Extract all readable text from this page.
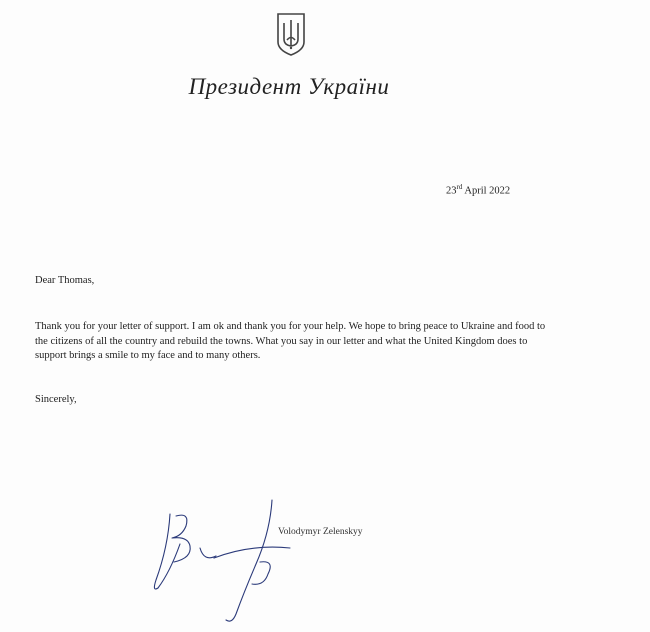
Президент України
23rd April 2022
Dear Thomas,
Thank you for your letter of support. I am ok and thank you for your help. We hope to bring peace to Ukraine and food to the citizens of all the country and rebuild the towns. What you say in our letter and what the United Kingdom does to support brings a smile to my face and to many others.
Sincerely,
Volodymyr Zelenskyy
